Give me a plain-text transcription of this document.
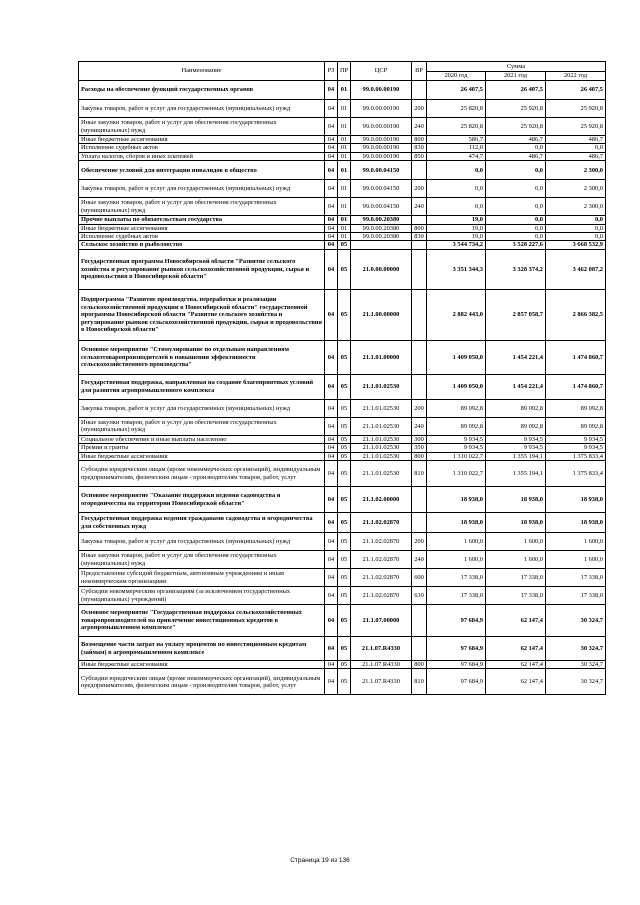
Наименование	РЗ	ПР	ЦСР	ВР	Сумма		
					2020 год	2021 год	2022 год
Расходы на обеспечение функций государственных органов	04	01	99.0.00.00190		26 407,5	26 407,5	26 407,5
Закупка товаров, работ и услуг для государственных (муниципальных) нужд	04	01	99.0.00.00190	200	25 820,8	25 920,8	25 920,8
Иные закупки товаров, работ и услуг для обеспечения государственных (муниципальных) нужд	04	01	99.0.00.00190	240	25 820,8	25 920,8	25 920,8
Иные бюджетные ассигнования	04	01	99.0.00.00190	800	586,7	486,7	486,7
Исполнение судебных актов	04	01	99.0.00.00190	830	112,0	0,0	0,0
Уплата налогов, сборов и иных платежей	04	01	99.0.00.00190	850	474,7	486,7	486,7
Обеспечение условий для интеграции инвалидов в общество	04	01	99.0.00.04150		0,0	0,0	2 300,0
Закупка товаров, работ и услуг для государственных (муниципальных) нужд	04	01	99.0.00.04150	200	0,0	0,0	2 300,0
Иные закупки товаров, работ и услуг для обеспечения государственных (муниципальных) нужд	04	01	99.0.00.04150	240	0,0	0,0	2 300,0
Прочие выплаты по обязательствам государства	04	01	99.0.00.20380		19,0	0,0	0,0
Иные бюджетные ассигнования	04	01	99.0.00.20380	800	19,0	0,0	0,0
Исполнение судебных актов	04	01	99.0.00.20380	830	19,0	0,0	0,0
Сельское хозяйство и рыболовство	04	05			3 544 734,2	3 528 227,6	3 668 532,9
Государственная программа Новосибирской области "Развитие сельского хозяйства и регулирование рынков сельскохозяйственной продукции, сырья и продовольствия в Новосибирской области"	04	05	21.0.00.00000		3 351 344,3	3 328 374,2	3 462 087,2
Подпрограмма "Развитие производства, переработки и реализации сельскохозяйственной продукции в Новосибирской области" государственной программы Новосибирской области "Развитие сельского хозяйства и регулирование рынков сельскохозяйственной продукции, сырья и продовольствия в Новосибирской области"	04	05	21.1.00.00000		2 882 443,0	2 857 058,7	2 866 382,5
Основное мероприятие "Стимулирование по отдельным направлениям сельхозтоваропроизводителей в повышении эффективности сельскохозяйственного производства"	04	05	21.1.01.00000		1 409 050,0	1 454 221,4	1 474 860,7
Государственная поддержка, направленная на создание благоприятных условий для развития агропромышленного комплекса	04	05	21.1.01.02530		1 409 050,0	1 454 221,4	1 474 860,7
Закупка товаров, работ и услуг для государственных (муниципальных) нужд	04	05	21.1.01.02530	200	89 092,8	89 092,8	89 092,8
Иные закупки товаров, работ и услуг для обеспечения государственных (муниципальных) нужд	04	05	21.1.01.02530	240	89 092,8	89 092,8	89 092,8
Социальное обеспечение и иные выплаты населению	04	05	21.1.01.02530	300	9 934,5	9 934,5	9 934,5
Премии и гранты	04	05	21.1.01.02530	350	9 934,5	9 934,5	9 934,5
Иные бюджетные ассигнования	04	05	21.1.01.02530	800	1 310 022,7	1 355 194,1	1 375 833,4
Субсидии юридическим лицам (кроме некоммерческих организаций), индивидуальным предпринимателям, физическим лицам - производителям товаров, работ, услуг	04	05	21.1.01.02530	810	1 310 022,7	1 355 194,1	1 375 833,4
Основное мероприятие "Оказание поддержки ведения садоводства и огородничества на территории Новосибирской области"	04	05	21.1.02.00000		18 938,0	18 938,0	18 938,0
Государственная поддержка ведения гражданами садоводства и огородничества для собственных нужд	04	05	21.1.02.02870		18 938,0	18 938,0	18 938,0
Закупка товаров, работ и услуг для государственных (муниципальных) нужд	04	05	21.1.02.02870	200	1 600,0	1 600,0	1 600,0
Иные закупки товаров, работ и услуг для обеспечения государственных (муниципальных) нужд	04	05	21.1.02.02870	240	1 600,0	1 600,0	1 600,0
Предоставление субсидий бюджетным, автономным учреждениям и иным некоммерческим организациям	04	05	21.1.02.02870	600	17 338,0	17 338,0	17 338,0
Субсидии некоммерческим организациям (за исключением государственных (муниципальных) учреждений)	04	05	21.1.02.02870	630	17 338,0	17 338,0	17 338,0
Основное мероприятие "Государственная поддержка сельскохозяйственных товаропроизводителей на привлечение инвестиционных кредитов в агропромышленном комплексе"	04	05	21.1.07.00000		97 684,9	62 147,4	30 324,7
Возмещение части затрат на уплату процентов по инвестиционным кредитам (займам) в агропромышленном комплексе	04	05	21.1.07.R4330		97 684,9	62 147,4	30 324,7
Иные бюджетные ассигнования	04	05	21.1.07.R4330	800	97 684,9	62 147,4	30 324,7
Субсидии юридическим лицам (кроме некоммерческих организаций), индивидуальным предпринимателям, физическим лицам - производителям товаров, работ, услуг	04	05	21.1.07.R4330	810	97 684,9	62 147,4	30 324,7
Страница 19 из 136
